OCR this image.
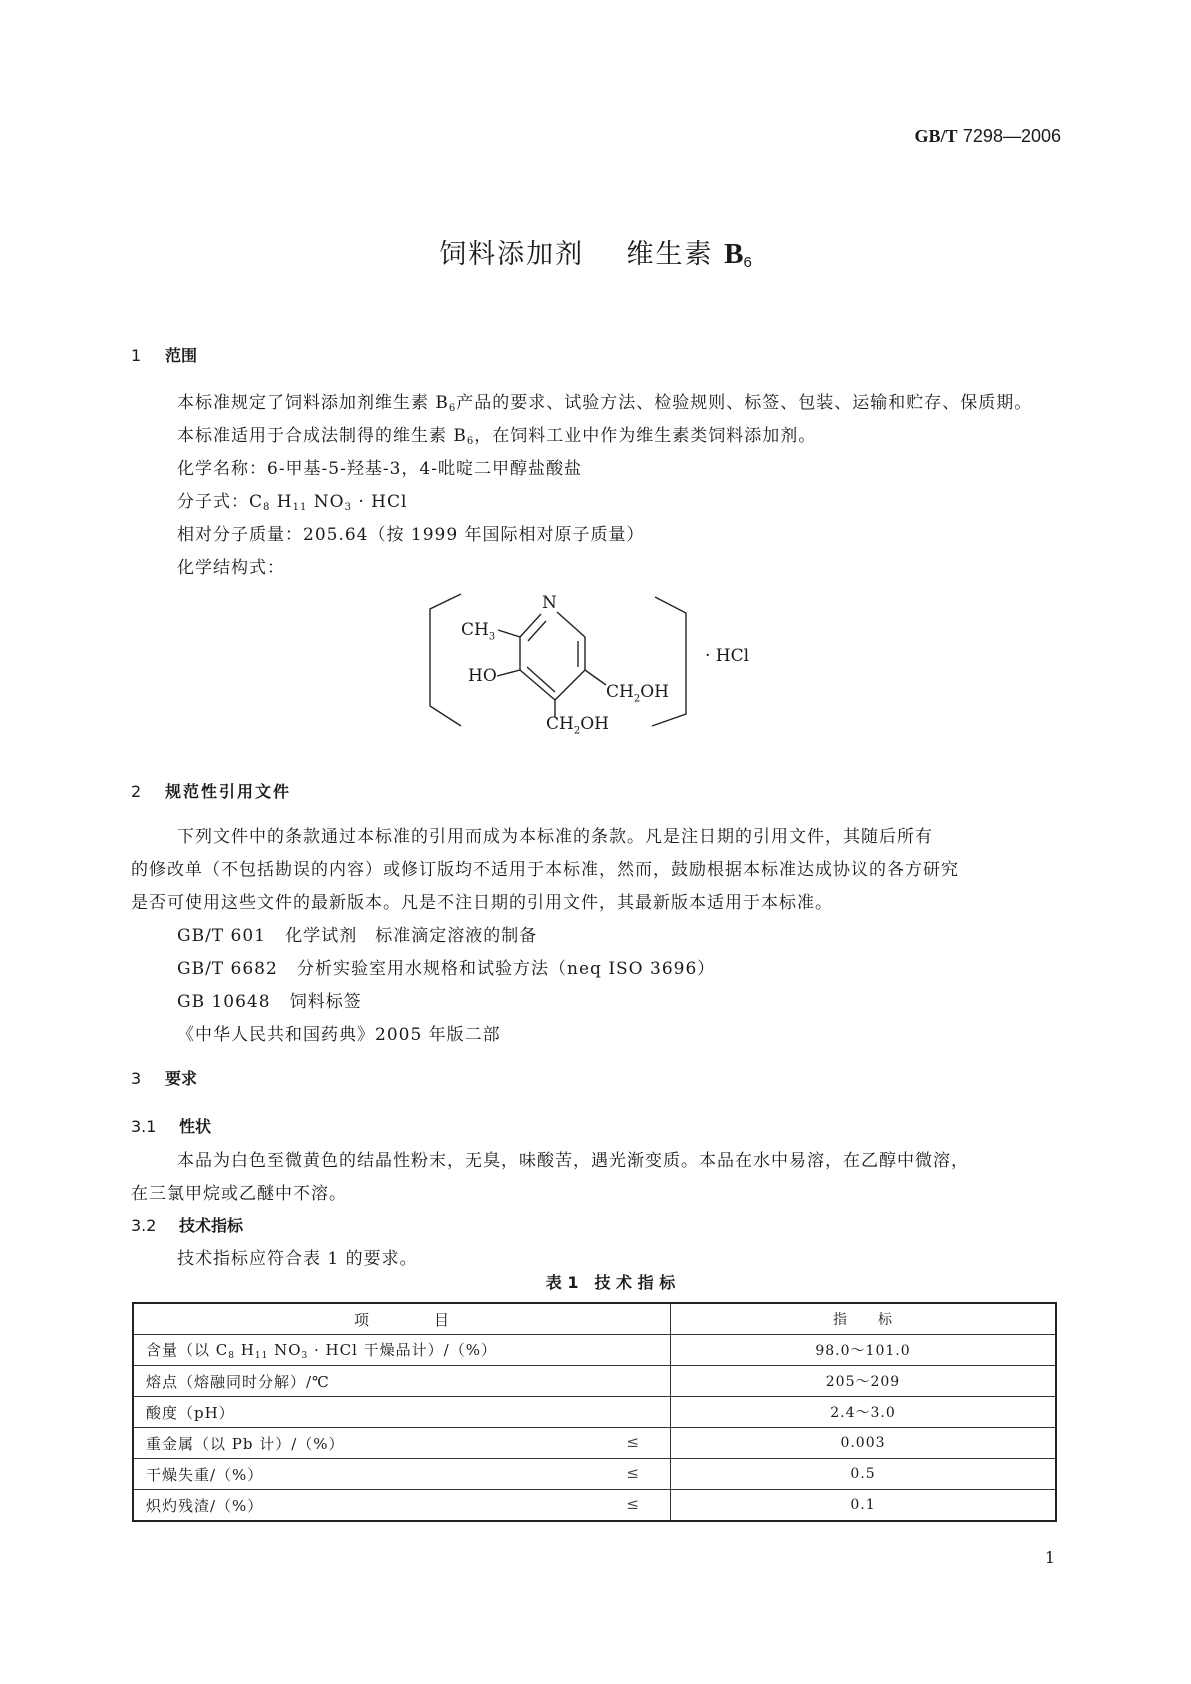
GB/T 7298—2006
饲料添加剂 维生素 $B_6$
1 范围
本标准规定了饲料添加剂维生素 $B_6$产品的要求、试验方法、检验规则、标签、包装、运输和贮存、保质期。
本标准适用于合成法制得的维生素 $B_6$，在饲料工业中作为维生素类饲料添加剂。
化学名称：6-甲基-5-羟基-3，4-吡啶二甲醇盐酸盐
分子式：$C_8$ $H_{11}$ $NO_3$ · HCl
相对分子质量：205.64（按 1999 年国际相对原子质量）
化学结构式：
N
$CH_3$
HO
$CH_2OH$
$CH_2OH$
· HCl
2 规范性引用文件
下列文件中的条款通过本标准的引用而成为本标准的条款。凡是注日期的引用文件，其随后所有
的修改单（不包括勘误的内容）或修订版均不适用于本标准，然而，鼓励根据本标准达成协议的各方研究
是否可使用这些文件的最新版本。凡是不注日期的引用文件，其最新版本适用于本标准。
GB/T 601 化学试剂　标准滴定溶液的制备
GB/T 6682 分析实验室用水规格和试验方法（neq ISO 3696）
GB 10648 饲料标签
《中华人民共和国药典》2005 年版二部
3 要求
3.1 性状
本品为白色至微黄色的结晶性粉末，无臭，味酸苦，遇光渐变质。本品在水中易溶，在乙醇中微溶，
在三氯甲烷或乙醚中不溶。
3.2 技术指标
技术指标应符合表 1 的要求。
表 1　技 术 指 标
项　　　　目	指　　标
含量（以 $C_8$ $H_{11}$ $NO_3$ · HCl 干燥品计）/（%）	98.0～101.0
熔点（熔融同时分解）/℃	205～209
酸度（pH）	2.4～3.0
重金属（以 Pb 计）/（%） ≤	0.003
干燥失重/（%） ≤	0.5
炽灼残渣/（%） ≤	0.1
1
